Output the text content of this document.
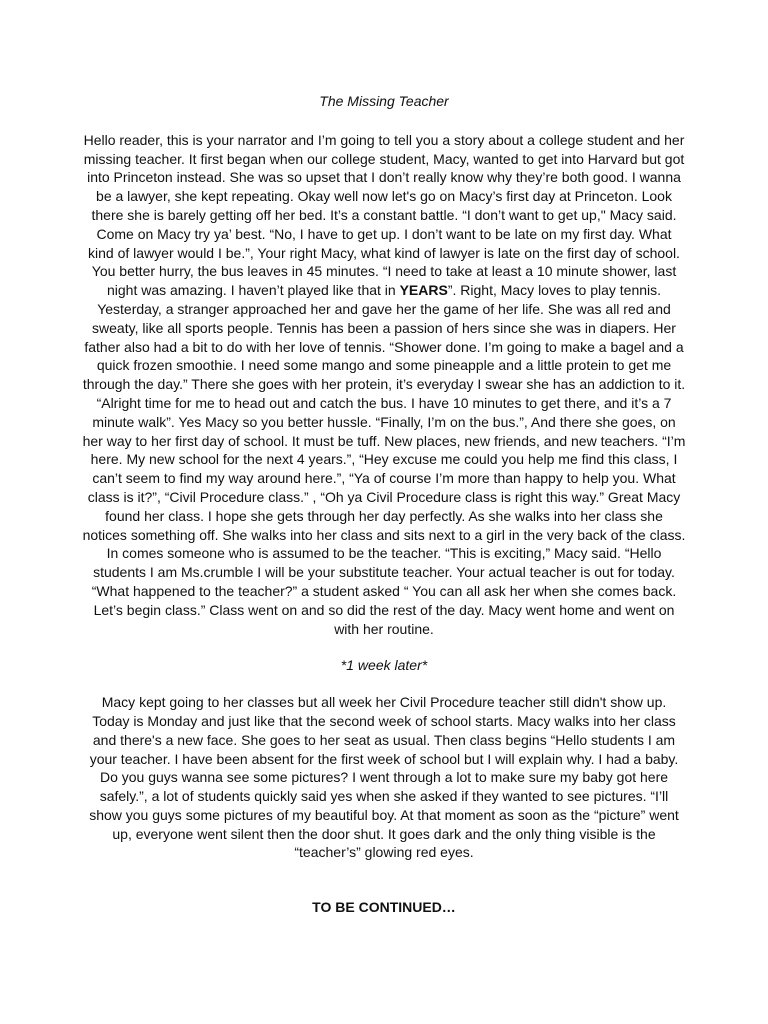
The Missing Teacher

Hello reader, this is your narrator and I’m going to tell you a story about a college student and her missing teacher. It first began when our college student, Macy, wanted to get into Harvard but got into Princeton instead. She was so upset that I don’t really know why they’re both good. I wanna be a lawyer, she kept repeating. Okay well now let's go on Macy’s first day at Princeton. Look there she is barely getting off her bed. It’s a constant battle. “I don’t want to get up," Macy said. Come on Macy try ya’ best. “No, I have to get up. I don’t want to be late on my first day. What kind of lawyer would I be.”, Your right Macy, what kind of lawyer is late on the first day of school. You better hurry, the bus leaves in 45 minutes. “I need to take at least a 10 minute shower, last night was amazing. I haven’t played like that in YEARS”. Right, Macy loves to play tennis. Yesterday, a stranger approached her and gave her the game of her life. She was all red and sweaty, like all sports people. Tennis has been a passion of hers since she was in diapers. Her father also had a bit to do with her love of tennis. “Shower done. I’m going to make a bagel and a quick frozen smoothie. I need some mango and some pineapple and a little protein to get me through the day.” There she goes with her protein, it’s everyday I swear she has an addiction to it. “Alright time for me to head out and catch the bus. I have 10 minutes to get there, and it’s a 7 minute walk”. Yes Macy so you better hussle. “Finally, I’m on the bus.”, And there she goes, on her way to her first day of school. It must be tuff. New places, new friends, and new teachers. “I’m here. My new school for the next 4 years.”, “Hey excuse me could you help me find this class, I can’t seem to find my way around here.”, “Ya of course I’m more than happy to help you. What class is it?”, “Civil Procedure class.” , “Oh ya Civil Procedure class is right this way.” Great Macy found her class. I hope she gets through her day perfectly. As she walks into her class she notices something off. She walks into her class and sits next to a girl in the very back of the class. In comes someone who is assumed to be the teacher. “This is exciting,” Macy said. “Hello students I am Ms.crumble I will be your substitute teacher. Your actual teacher is out for today. “What happened to the teacher?” a student asked “ You can all ask her when she comes back. Let’s begin class.” Class went on and so did the rest of the day. Macy went home and went on with her routine.

*1 week later*

Macy kept going to her classes but all week her Civil Procedure teacher still didn't show up. Today is Monday and just like that the second week of school starts. Macy walks into her class and there's a new face. She goes to her seat as usual. Then class begins “Hello students I am your teacher. I have been absent for the first week of school but I will explain why. I had a baby. Do you guys wanna see some pictures? I went through a lot to make sure my baby got here safely.”, a lot of students quickly said yes when she asked if they wanted to see pictures. “I’ll show you guys some pictures of my beautiful boy. At that moment as soon as the “picture” went up, everyone went silent then the door shut. It goes dark and the only thing visible is the “teacher’s” glowing red eyes.

TO BE CONTINUED…
